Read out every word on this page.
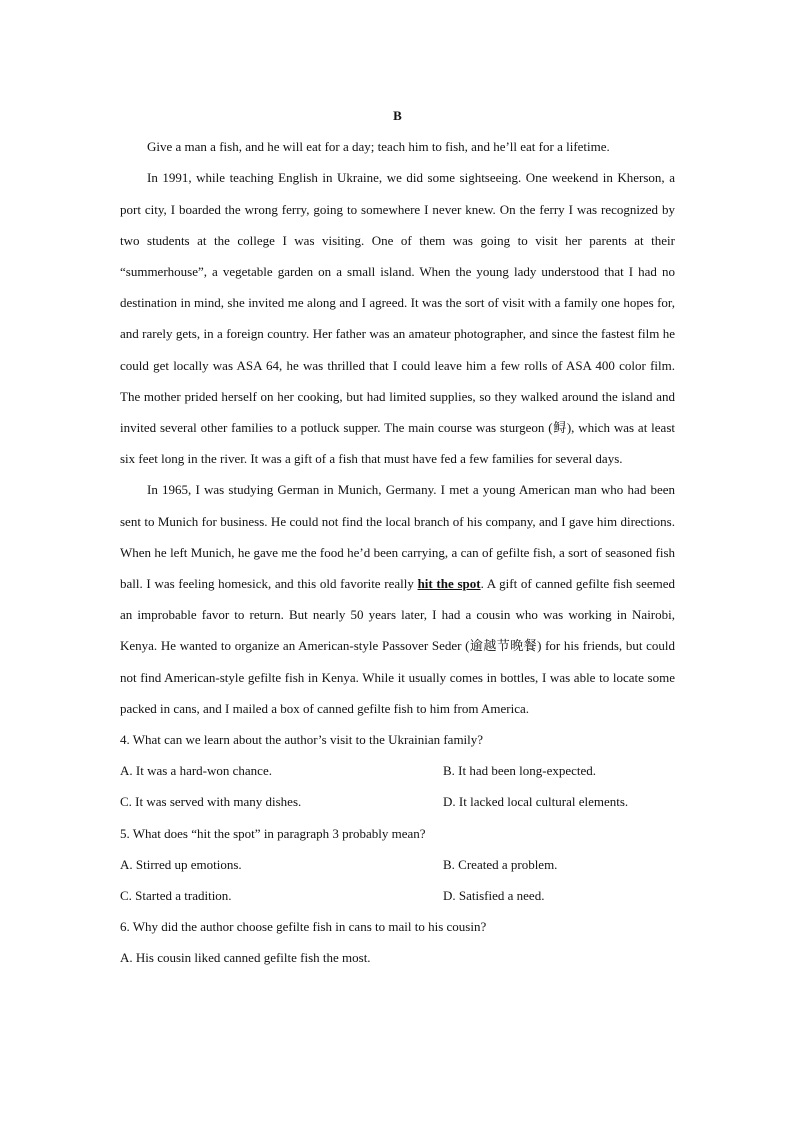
B

Give a man a fish, and he will eat for a day; teach him to fish, and he’ll eat for a lifetime.

In 1991, while teaching English in Ukraine, we did some sightseeing. One weekend in Kherson, a port city, I boarded the wrong ferry, going to somewhere I never knew. On the ferry I was recognized by two students at the college I was visiting. One of them was going to visit her parents at their “summerhouse”, a vegetable garden on a small island. When the young lady understood that I had no destination in mind, she invited me along and I agreed. It was the sort of visit with a family one hopes for, and rarely gets, in a foreign country. Her father was an amateur photographer, and since the fastest film he could get locally was ASA 64, he was thrilled that I could leave him a few rolls of ASA 400 color film. The mother prided herself on her cooking, but had limited supplies, so they walked around the island and invited several other families to a potluck supper. The main course was sturgeon (鲟), which was at least six feet long in the river. It was a gift of a fish that must have fed a few families for several days.

In 1965, I was studying German in Munich, Germany. I met a young American man who had been sent to Munich for business. He could not find the local branch of his company, and I gave him directions. When he left Munich, he gave me the food he’d been carrying, a can of gefilte fish, a sort of seasoned fish ball. I was feeling homesick, and this old favorite really hit the spot. A gift of canned gefilte fish seemed an improbable favor to return. But nearly 50 years later, I had a cousin who was working in Nairobi, Kenya. He wanted to organize an American-style Passover Seder (逾越节晚餐) for his friends, but could not find American-style gefilte fish in Kenya. While it usually comes in bottles, I was able to locate some packed in cans, and I mailed a box of canned gefilte fish to him from America.

4. What can we learn about the author’s visit to the Ukrainian family?

A. It was a hard-won chance.	B. It had been long-expected.
C. It was served with many dishes.	D. It lacked local cultural elements.

5. What does “hit the spot” in paragraph 3 probably mean?

A. Stirred up emotions.	B. Created a problem.
C. Started a tradition.	D. Satisfied a need.

6. Why did the author choose gefilte fish in cans to mail to his cousin?

A. His cousin liked canned gefilte fish the most.
